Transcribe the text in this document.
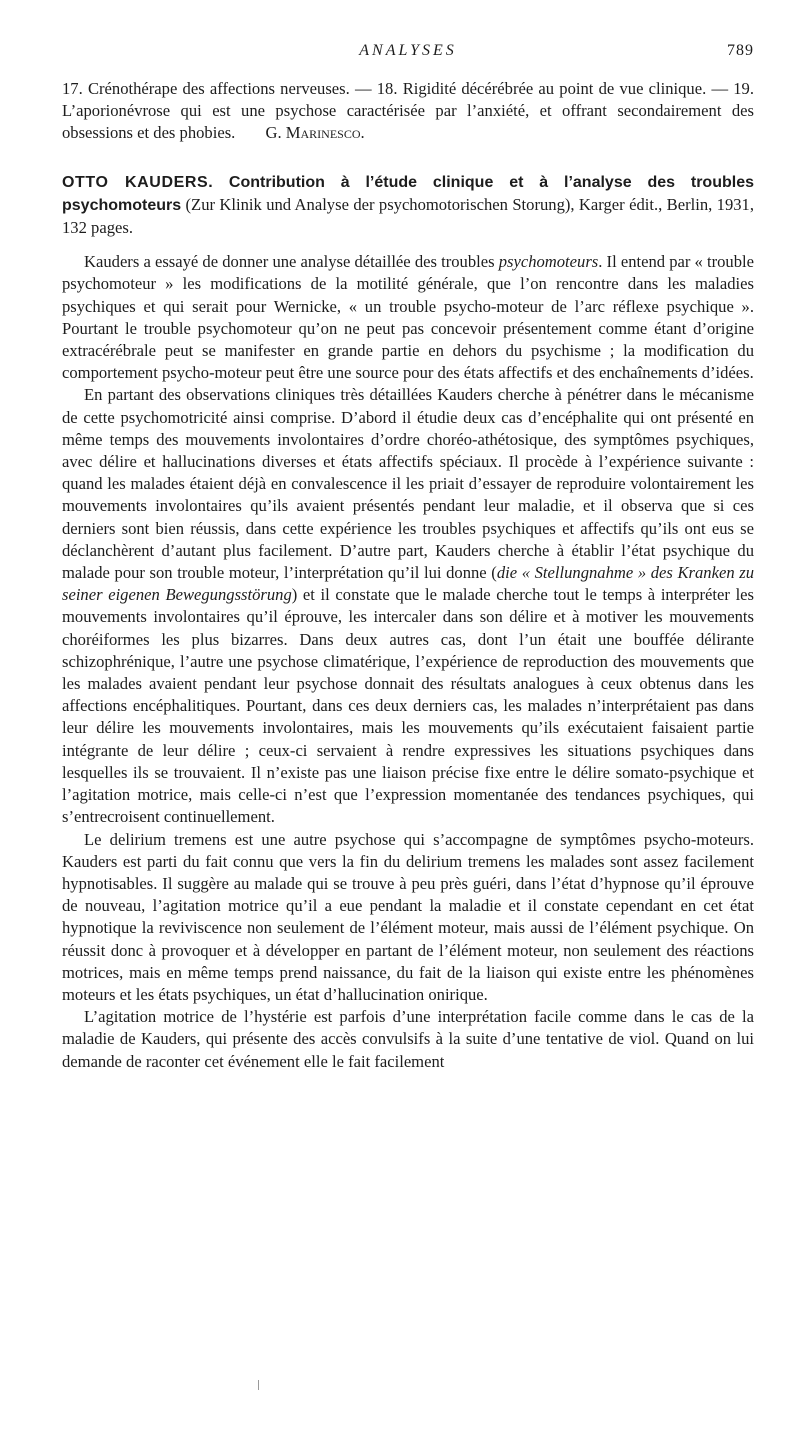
ANALYSES	789

17. Crénothérape des affections nerveuses. — 18. Rigidité décérébrée au point de vue clinique. — 19. L’aporionévrose qui est une psychose caractérisée par l’anxiété, et offrant secondairement des obsessions et des phobies. G. Marinesco.

OTTO KAUDERS. Contribution à l’étude clinique et à l’analyse des troubles psychomoteurs (Zur Klinik und Analyse der psychomotorischen Storung), Karger édit., Berlin, 1931, 132 pages.

Kauders a essayé de donner une analyse détaillée des troubles psychomoteurs. Il entend par « trouble psychomoteur » les modifications de la motilité générale, que l’on rencontre dans les maladies psychiques et qui serait pour Wernicke, « un trouble psycho-moteur de l’arc réflexe psychique ». Pourtant le trouble psychomoteur qu’on ne peut pas concevoir présentement comme étant d’origine extracérébrale peut se manifester en grande partie en dehors du psychisme ; la modification du comportement psycho-moteur peut être une source pour des états affectifs et des enchaînements d’idées.

En partant des observations cliniques très détaillées Kauders cherche à pénétrer dans le mécanisme de cette psychomotricité ainsi comprise. D’abord il étudie deux cas d’encéphalite qui ont présenté en même temps des mouvements involontaires d’ordre choréo-athétosique, des symptômes psychiques, avec délire et hallucinations diverses et états affectifs spéciaux. Il procède à l’expérience suivante : quand les malades étaient déjà en convalescence il les priait d’essayer de reproduire volontairement les mouvements involontaires qu’ils avaient présentés pendant leur maladie, et il observa que si ces derniers sont bien réussis, dans cette expérience les troubles psychiques et affectifs qu’ils ont eus se déclanchèrent d’autant plus facilement. D’autre part, Kauders cherche à établir l’état psychique du malade pour son trouble moteur, l’interprétation qu’il lui donne (die « Stellungnahme » des Kranken zu seiner eigenen Bewegungsstörung) et il constate que le malade cherche tout le temps à interpréter les mouvements involontaires qu’il éprouve, les intercaler dans son délire et à motiver les mouvements choréiformes les plus bizarres. Dans deux autres cas, dont l’un était une bouffée délirante schizophrénique, l’autre une psychose climatérique, l’expérience de reproduction des mouvements que les malades avaient pendant leur psychose donnait des résultats analogues à ceux obtenus dans les affections encéphalitiques. Pourtant, dans ces deux derniers cas, les malades n’interprétaient pas dans leur délire les mouvements involontaires, mais les mouvements qu’ils exécutaient faisaient partie intégrante de leur délire ; ceux-ci servaient à rendre expressives les situations psychiques dans lesquelles ils se trouvaient. Il n’existe pas une liaison précise fixe entre le délire somato-psychique et l’agitation motrice, mais celle-ci n’est que l’expression momentanée des tendances psychiques, qui s’entrecroisent continuellement.

Le delirium tremens est une autre psychose qui s’accompagne de symptômes psycho-moteurs. Kauders est parti du fait connu que vers la fin du delirium tremens les malades sont assez facilement hypnotisables. Il suggère au malade qui se trouve à peu près guéri, dans l’état d’hypnose qu’il éprouve de nouveau, l’agitation motrice qu’il a eue pendant la maladie et il constate cependant en cet état hypnotique la reviviscence non seulement de l’élément moteur, mais aussi de l’élément psychique. On réussit donc à provoquer et à développer en partant de l’élément moteur, non seulement des réactions motrices, mais en même temps prend naissance, du fait de la liaison qui existe entre les phénomènes moteurs et les états psychiques, un état d’hallucination onirique.

L’agitation motrice de l’hystérie est parfois d’une interprétation facile comme dans le cas de la maladie de Kauders, qui présente des accès convulsifs à la suite d’une tentative de viol. Quand on lui demande de raconter cet événement elle le fait facilement
